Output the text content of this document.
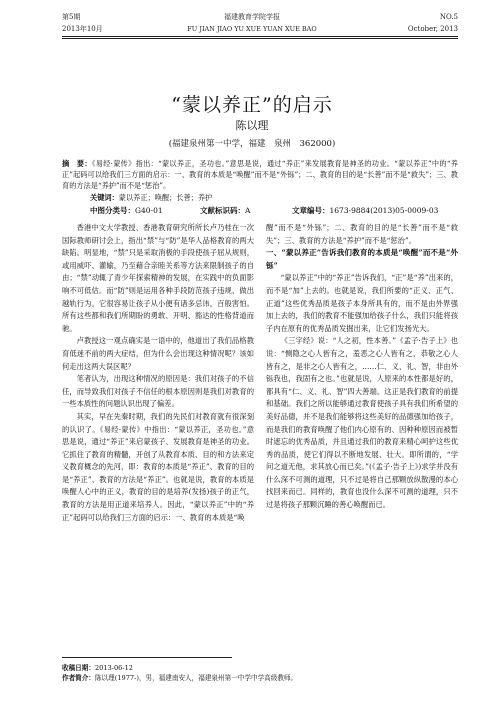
第5期
2013年10月
福建教育学院学报
FU JIAN JIAO YU XUE YUAN XUE BAO
NO.5
October, 2013
“蒙以养正”的启示
陈以理
(福建泉州第一中学，福建　泉州　362000)
摘　要：《易经·蒙传》指出：“蒙以养正，圣功也。”意思是说，通过“养正”来发展教育是神圣的功业。“蒙以养正”中的“养正”起码可以给我们三方面的启示：一、教育的本质是“唤醒”而不是“外铄”；二、教育的目的是“长善”而不是“救失”；三、教育的方法是“养护”而不是“惩治”。
关键词：蒙以养正；唤醒；长善；养护
中图分类号：G40-01	文献标识码：A	文章编号：1673-9884(2013)05-0009-03

香港中文大学教授、香港教育研究所所长卢乃桂在一次国际教师研讨会上，指出“禁”与“防”是华人品格教育的两大缺陷。明显地，“禁”只是采取消极的手段使孩子屈从规则，或用威吓、灌输，乃至藉合亲睦关系等方法来限制孩子的自由；“禁”动辄了青少年探索精神的发展，在实践中的负面影响不可低估。而“防”则是运用各种手段防范孩子违规、做出越轨行为。它很容易让孩子从小便有诸多忌讳，百般害怕。所有这些都和我们所期盼的勇敢、开明、豁达的性格背道而驰。

卢教授这一观点确实是一语中的，他道出了我们品格教育低迷不前的两大症结，但为什么会出现这种情况呢？该如何走出这两大误区呢？

笔者认为，出现这种情况的原因是：我们对孩子的不信任，而导致我们对孩子不信任的根本原因则是我们对教育的一些本质性的问题认识出现了偏差。

其实，早在先秦时期，我们的先民们对教育就有很深刻的认识了。《易经·蒙传》中指出：“蒙以养正，圣功也。”意思是说，通过“养正”来启蒙孩子、发展教育是神圣的功业。它抓住了教育的精髓，开创了从教育本质、目的和方法来定义教育概念的先河，即：教育的本质是“养正”、教育的目的是“养正”、教育的方法是“养正”。也就是说，教育的本质是唤醒人心中的正义，教育的目的是培养(发扬)孩子的正气，教育的方法是用正道来培养人。因此，“蒙以养正”中的“养正”起码可以给我们三方面的启示：一、教育的本质是“唤

醒”而不是“外铄”；二、教育的目的是“长善”而不是“救失”；三、教育的方法是“养护”而不是“惩治”。

一、“蒙以养正”告诉我们教育的本质是“唤醒”而不是“外铄”

“蒙以养正”中的“养正”告诉我们，“正”是“养”出来的，而不是“加”上去的。也就是说，我们所要的“正义、正气、正道”这些优秀品质是孩子本身所具有的，而不是由外界强加上去的，我们的教育不能强加给孩子什么，我们只能将孩子内在原有的优秀品质发掘出来，让它们发扬光大。

《三字经》说：“人之初，性本善。”《孟子·告子上》也说：“恻隐之心人皆有之，羞恶之心人皆有之，恭敬之心人皆有之，是非之心人皆有之，……仁、义、礼、智，非由外铄我也，我固有之也。”也就是说，人原来的本性都是好的，都具有“仁、义、礼、智”四大善端。这正是我们教育的前提和基础。我们之所以能够通过教育使孩子具有我们所希望的美好品德，并不是我们能够将这些美好的品德强加给孩子，而是我们的教育唤醒了他们内心原有的、因种种原因而被暂时遮忘的优秀品质，并且通过我们的教育来精心呵护这些优秀的品质，使它们得以不断地发展、壮大。即所谓的，“学问之道无他，求其放心而已矣。”(《孟子·告子上》)求学并没有什么深不可测的道理，只不过是将自己那颗放纵散漫的本心找回来而已。同样的，教育也没什么深不可测的道理，只不过是将孩子那颗沉睡的善心唤醒而已。

收稿日期：2013-06-12
作者简介：陈以理(1977-)，男，福建南安人，福建泉州第一中学中学高级教师。
